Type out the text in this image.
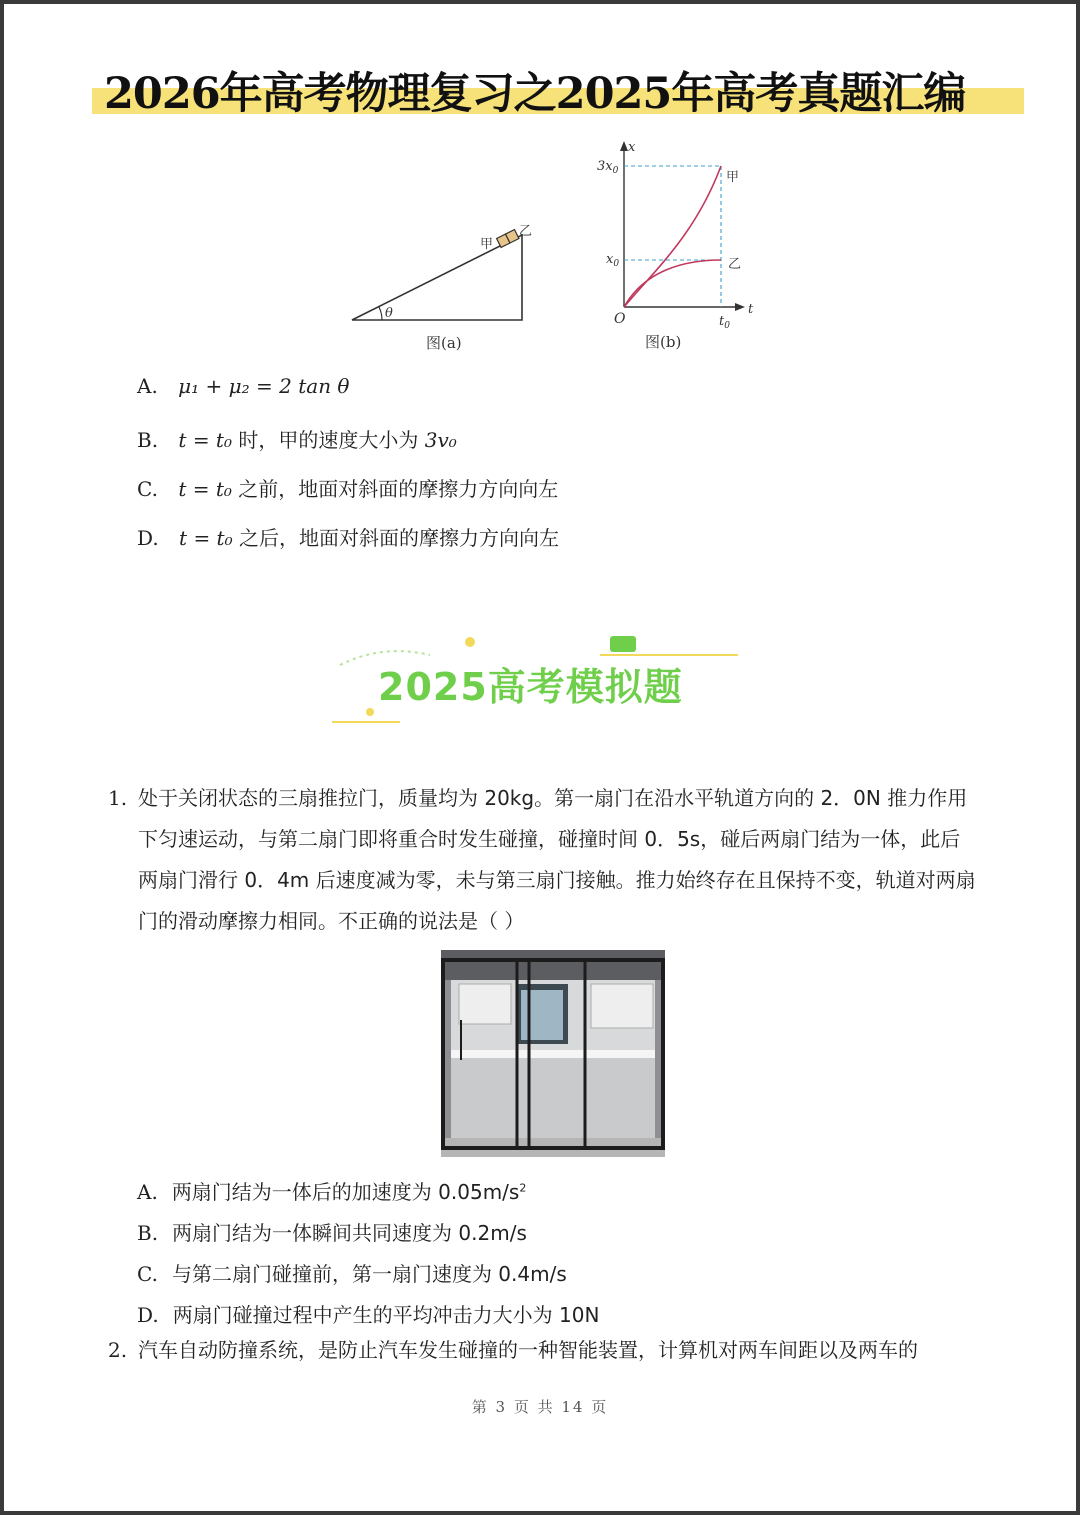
2026年高考物理复习之2025年高考真题汇编
θ
甲
乙
图(a)
x
t
O
$3x_0$
$x_0$
$t_0$
甲
乙
图(b)
A. μ₁ + μ₂ = 2 tan θ
B. t = t₀ 时，甲的速度大小为 3v₀
C. t = t₀ 之前，地面对斜面的摩擦力方向向左
D. t = t₀ 之后，地面对斜面的摩擦力方向向左
2025高考模拟题
1. 处于关闭状态的三扇推拉门，质量均为 20kg。第一扇门在沿水平轨道方向的 2．0N 推力作用下匀速运动，与第二扇门即将重合时发生碰撞，碰撞时间 0．5s，碰后两扇门结为一体，此后两扇门滑行 0．4m 后速度减为零，未与第三扇门接触。推力始终存在且保持不变，轨道对两扇门的滑动摩擦力相同。不正确的说法是（ ）
A. 两扇门结为一体后的加速度为 $0.05m/s^2$
B. 两扇门结为一体瞬间共同速度为 0.2m/s
C. 与第二扇门碰撞前，第一扇门速度为 0.4m/s
D. 两扇门碰撞过程中产生的平均冲击力大小为 10N
2. 汽车自动防撞系统，是防止汽车发生碰撞的一种智能装置，计算机对两车间距以及两车的
第 3 页 共 14 页
